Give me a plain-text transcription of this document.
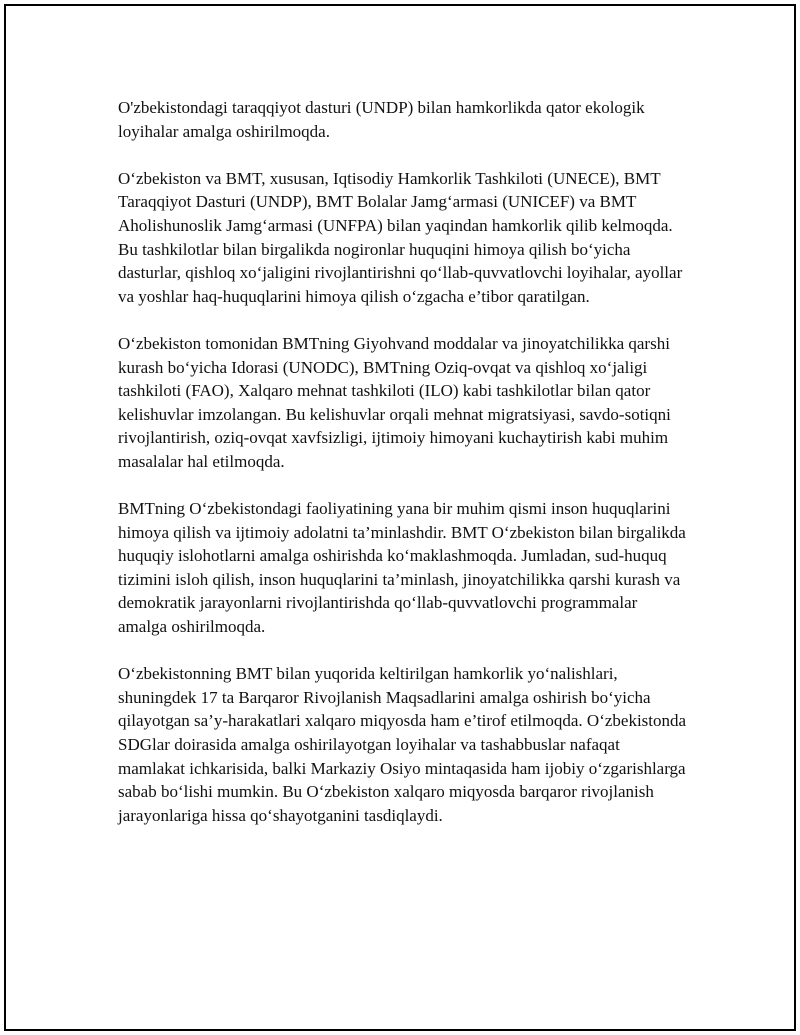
O'zbekistondagi taraqqiyot dasturi (UNDP) bilan hamkorlikda qator ekologik loyihalar amalga oshirilmoqda.

O‘zbekiston va BMT, xususan, Iqtisodiy Hamkorlik Tashkiloti (UNECE), BMT Taraqqiyot Dasturi (UNDP), BMT Bolalar Jamg‘armasi (UNICEF) va BMT Aholishunoslik Jamg‘armasi (UNFPA) bilan yaqindan hamkorlik qilib kelmoqda. Bu tashkilotlar bilan birgalikda nogironlar huquqini himoya qilish bo‘yicha dasturlar, qishloq xo‘jaligini rivojlantirishni qo‘llab-quvvatlovchi loyihalar, ayollar va yoshlar haq-huquqlarini himoya qilish o‘zgacha e’tibor qaratilgan.

O‘zbekiston tomonidan BMTning Giyohvand moddalar va jinoyatchilikka qarshi kurash bo‘yicha Idorasi (UNODC), BMTning Oziq-ovqat va qishloq xo‘jaligi tashkiloti (FAO), Xalqaro mehnat tashkiloti (ILO) kabi tashkilotlar bilan qator kelishuvlar imzolangan. Bu kelishuvlar orqali mehnat migratsiyasi, savdo-sotiqni rivojlantirish, oziq-ovqat xavfsizligi, ijtimoiy himoyani kuchaytirish kabi muhim masalalar hal etilmoqda.

BMTning O‘zbekistondagi faoliyatining yana bir muhim qismi inson huquqlarini himoya qilish va ijtimoiy adolatni ta’minlashdir. BMT O‘zbekiston bilan birgalikda huquqiy islohotlarni amalga oshirishda ko‘maklashmoqda. Jumladan, sud-huquq tizimini isloh qilish, inson huquqlarini ta’minlash, jinoyatchilikka qarshi kurash va demokratik jarayonlarni rivojlantirishda qo‘llab-quvvatlovchi programmalar amalga oshirilmoqda.

O‘zbekistonning BMT bilan yuqorida keltirilgan hamkorlik yo‘nalishlari, shuningdek 17 ta Barqaror Rivojlanish Maqsadlarini amalga oshirish bo‘yicha qilayotgan sa’y-harakatlari xalqaro miqyosda ham e’tirof etilmoqda. O‘zbekistonda SDGlar doirasida amalga oshirilayotgan loyihalar va tashabbuslar nafaqat mamlakat ichkarisida, balki Markaziy Osiyo mintaqasida ham ijobiy o‘zgarishlarga sabab bo‘lishi mumkin. Bu O‘zbekiston xalqaro miqyosda barqaror rivojlanish jarayonlariga hissa qo‘shayotganini tasdiqlaydi.
